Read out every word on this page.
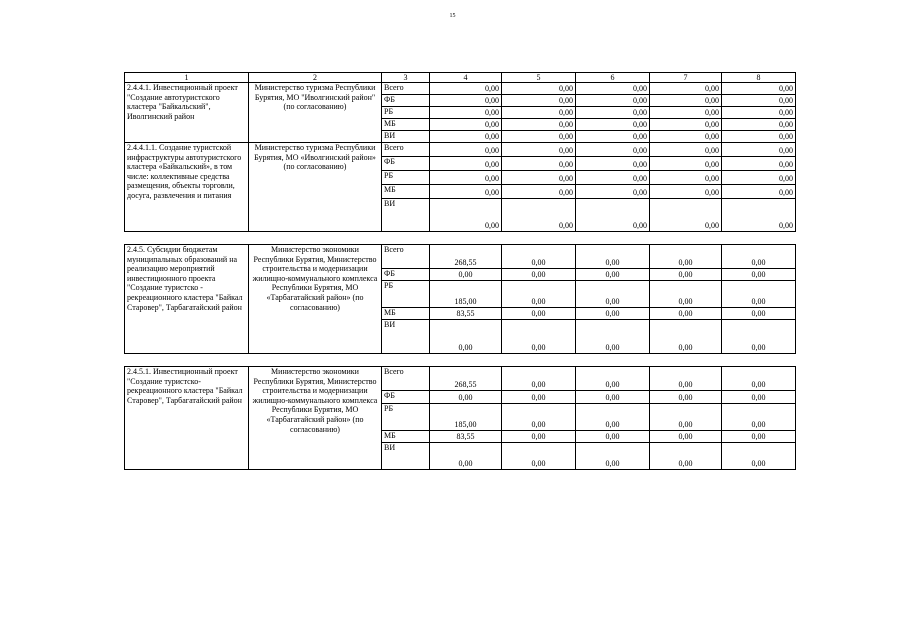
15
1	2	3	4	5	6	7	8
2.4.4.1. Инвестиционный проект "Создание автотуристского кластера "Байкальский", Иволгинский район	Министерство туризма Республики Бурятия, МО "Иволгинский район" (по согласованию)	Всего	0,00	0,00	0,00	0,00	0,00
		ФБ	0,00	0,00	0,00	0,00	0,00
		РБ	0,00	0,00	0,00	0,00	0,00
		МБ	0,00	0,00	0,00	0,00	0,00
		ВИ	0,00	0,00	0,00	0,00	0,00
2.4.4.1.1. Создание туристской инфраструктуры автотуристского кластера «Байкальский», в том числе: коллективные средства размещения, объекты торговли, досуга, развлечения и питания	Министерство туризма Республики Бурятия, МО «Иволгинский район» (по согласованию)	Всего	0,00	0,00	0,00	0,00	0,00
		ФБ	0,00	0,00	0,00	0,00	0,00
		РБ	0,00	0,00	0,00	0,00	0,00
		МБ	0,00	0,00	0,00	0,00	0,00
		ВИ	0,00	0,00	0,00	0,00	0,00

2.4.5. Субсидии бюджетам муниципальных образований на реализацию мероприятий инвестиционного проекта "Создание туристско - рекреационного кластера "Байкал Старовер", Тарбагатайский район	Министерство экономики Республики Бурятия, Министерство строительства и модернизации жилищно-коммунального комплекса Республики Бурятия, МО «Тарбагатайский район» (по согласованию)	Всего	268,55	0,00	0,00	0,00	0,00
		ФБ	0,00	0,00	0,00	0,00	0,00
		РБ	185,00	0,00	0,00	0,00	0,00
		МБ	83,55	0,00	0,00	0,00	0,00
		ВИ	0,00	0,00	0,00	0,00	0,00

2.4.5.1. Инвестиционный проект "Создание туристско-рекреационного кластера "Байкал Старовер", Тарбагатайский район	Министерство экономики Республики Бурятия, Министерство строительства и модернизации жилищно-коммунального комплекса Республики Бурятия, МО «Тарбагатайский район» (по согласованию)	Всего	268,55	0,00	0,00	0,00	0,00
		ФБ	0,00	0,00	0,00	0,00	0,00
		РБ	185,00	0,00	0,00	0,00	0,00
		МБ	83,55	0,00	0,00	0,00	0,00
		ВИ	0,00	0,00	0,00	0,00	0,00
